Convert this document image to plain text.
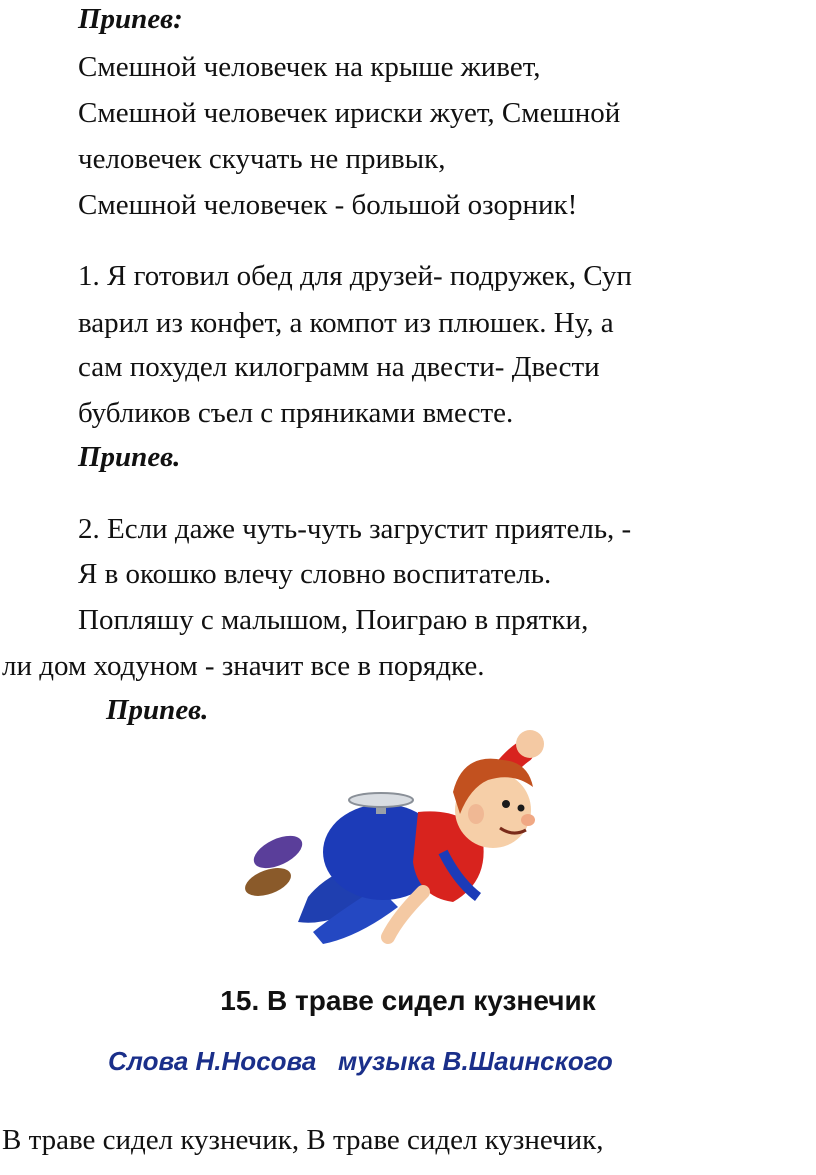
Припев:
Смешной человечек на крыше живет,
Смешной человечек ириски жует, Смешной
человечек скучать не привык,
Смешной человечек - большой озорник!
1. Я готовил обед для друзей- подружек, Суп
варил из конфет, а компот из плюшек. Ну, а
сам похудел килограмм на двести- Двести
бубликов съел с пряниками вместе.
Припев.
2. Если даже чуть-чуть загрустит приятель, -
Я в окошко влечу словно воспитатель.
Попляшу с малышом, Поиграю в прятки,
ли дом ходуном - значит все в порядке.
Припев.
15. В траве сидел кузнечик
Слова Н.Носова   музыка В.Шаинского
В траве сидел кузнечик, В траве сидел кузнечик,
